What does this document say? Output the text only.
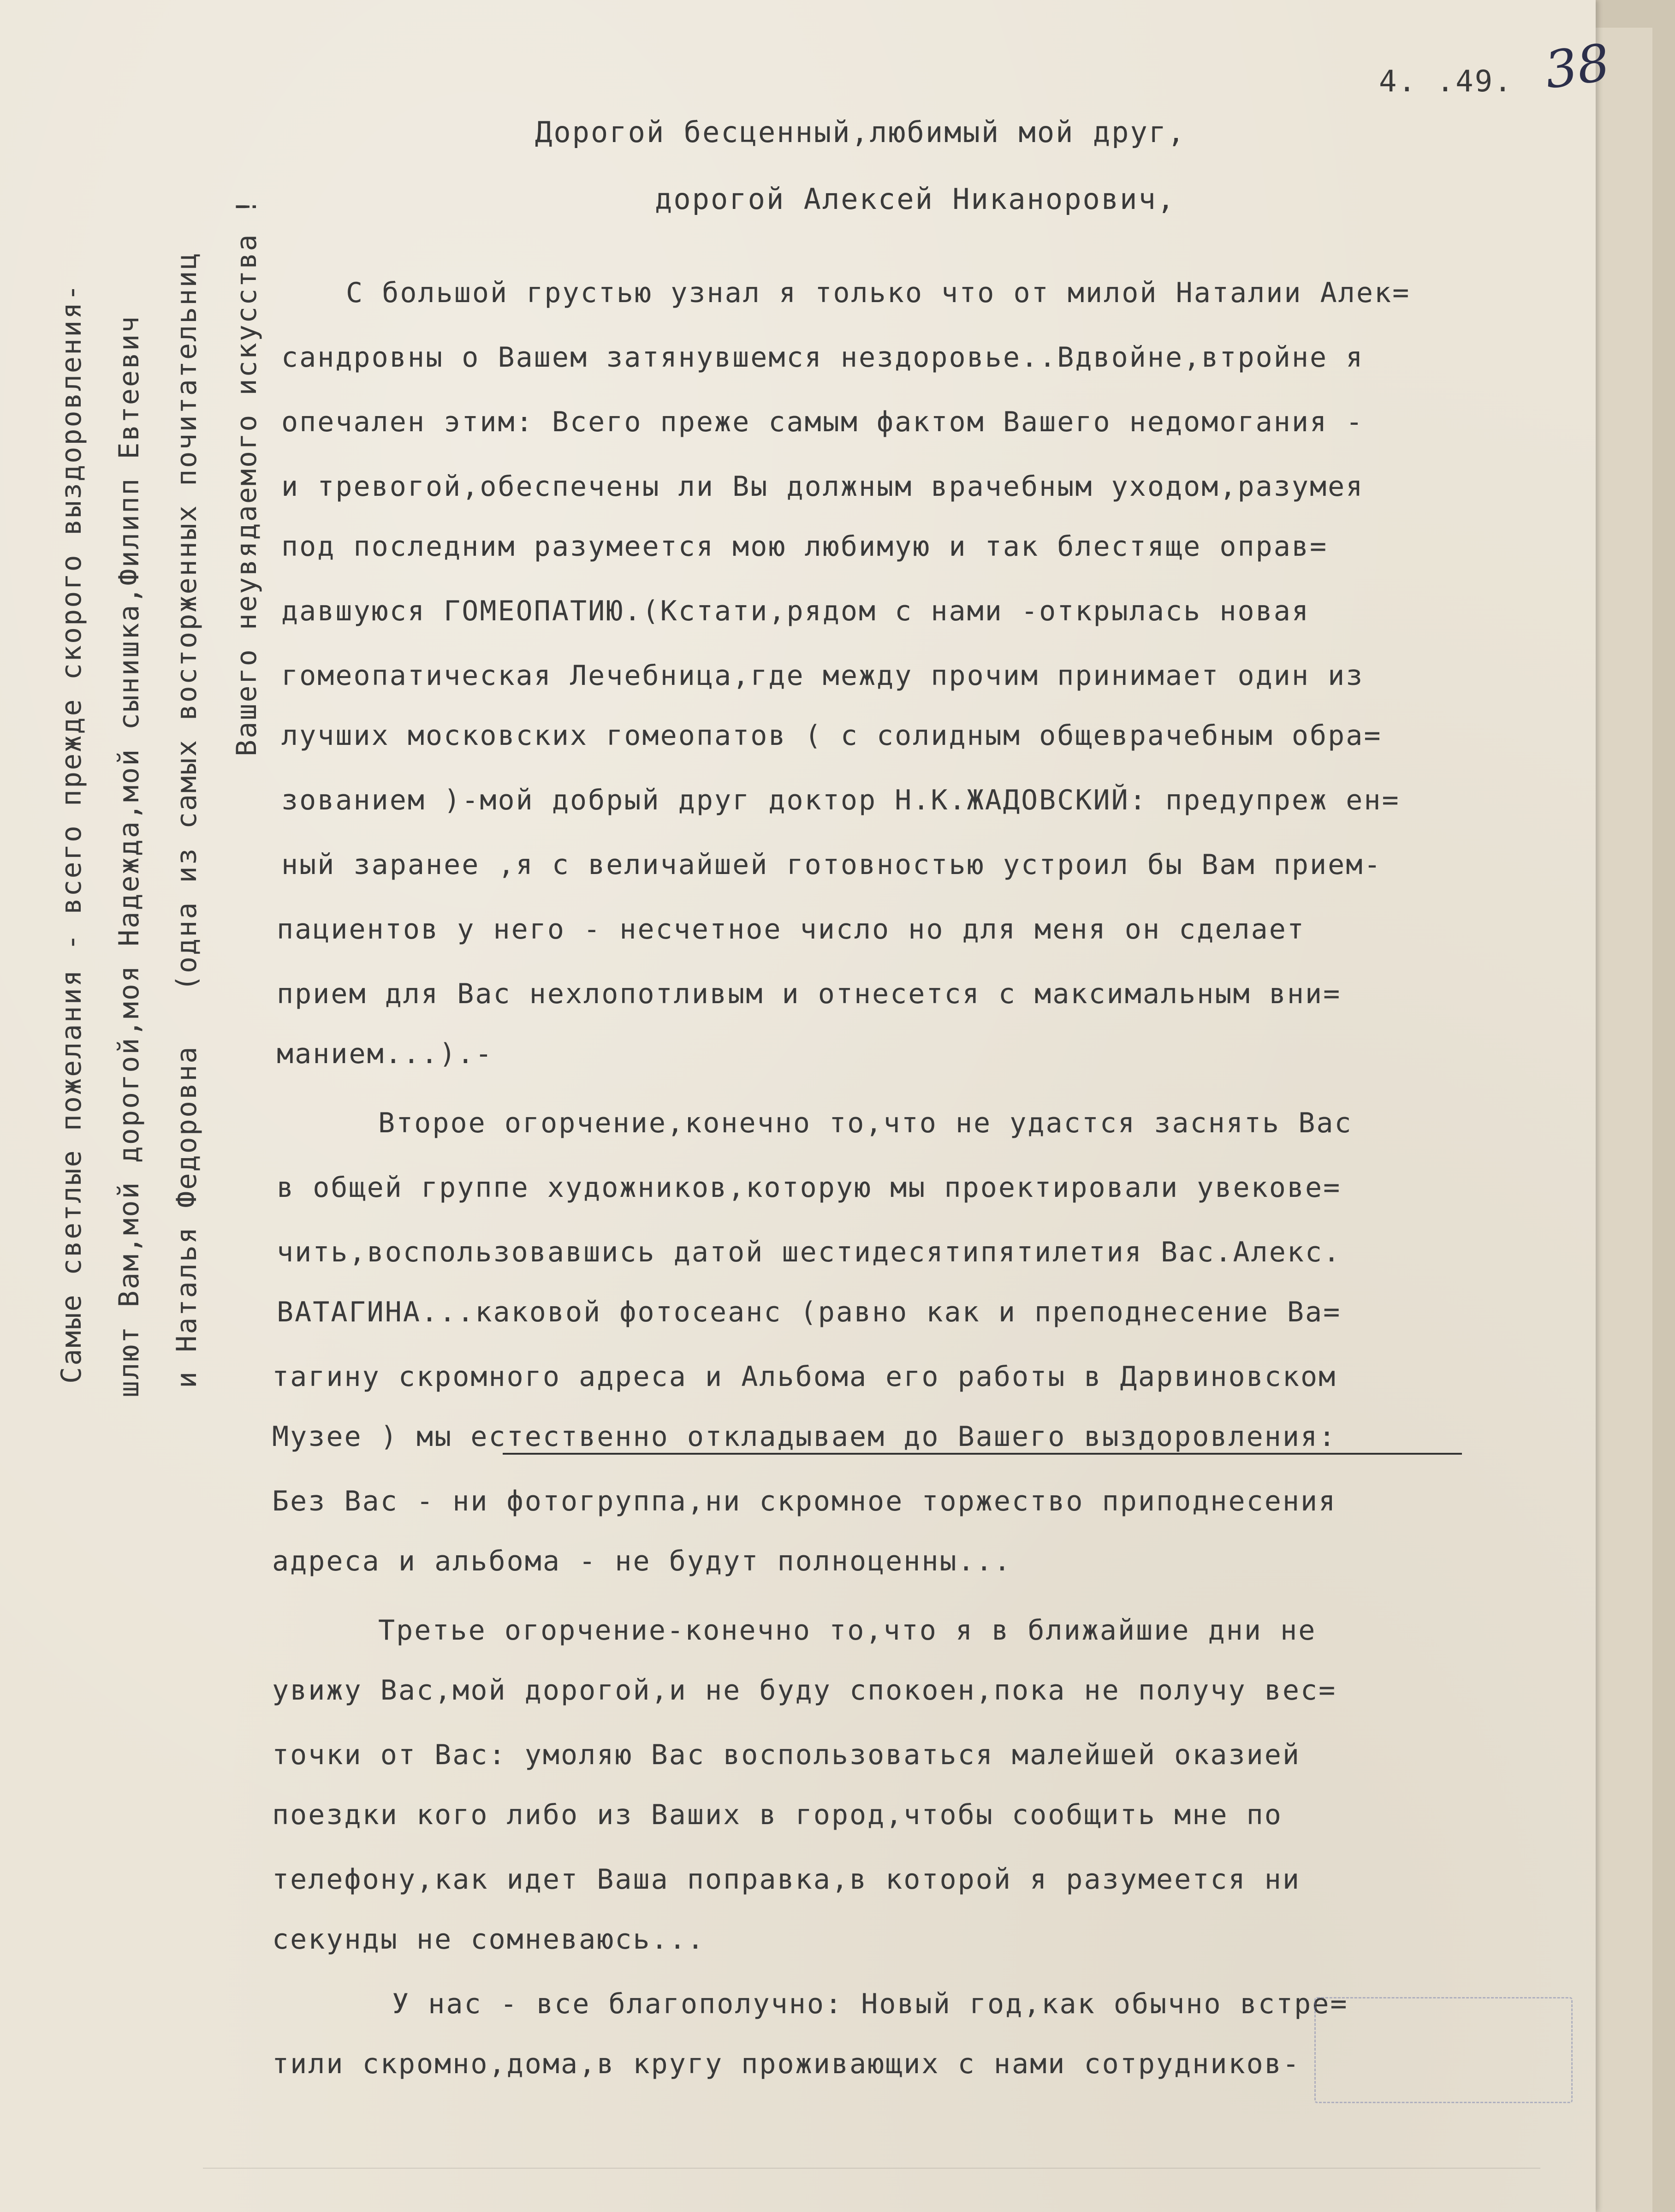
4. .49. 38
Дорогой бесценный,любимый мой друг,
дорогой Алексей Никанорович,
С большой грустью узнал я только что от милой Наталии Алек=
сандровны о Вашем затянувшемся нездоровье..Вдвойне,втройне я
опечален этим: Всего преже самым фактом Вашего недомогания -
и тревогой,обеспечены ли Вы должным врачебным уходом,разумея
под последним разумеется мою любимую и так блестяще оправ=
давшуюся ГОМЕОПАТИЮ.(Кстати,рядом с нами -открылась новая
гомеопатическая Лечебница,где между прочим принимает один из
лучших московских гомеопатов ( с солидным общеврачебным обра=
зованием )-мой добрый друг доктор Н.К.ЖАДОВСКИЙ: предупреж ен=
ный заранее ,я с величайшей готовностью устроил бы Вам прием-
пациентов у него - несчетное число но для меня он сделает
прием для Вас нехлопотливым и отнесется с максимальным вни=
манием...).-
Второе огорчение,конечно то,что не удастся заснять Вас
в общей группе художников,которую мы проектировали увекове=
чить,воспользовавшись датой шестидесятипятилетия Вас.Алекс.
ВАТАГИНА...каковой фотосеанс (равно как и преподнесение Ва=
тагину скромного адреса и Альбома его работы в Дарвиновском
Музее ) мы естественно откладываем до Вашего выздоровления:
Без Вас - ни фотогруппа,ни скромное торжество приподнесения
адреса и альбома - не будут полноценны...
Третье огорчение-конечно то,что я в ближайшие дни не
увижу Вас,мой дорогой,и не буду спокоен,пока не получу вес=
точки от Вас: умоляю Вас воспользоваться малейшей оказией
поездки кого либо из Ваших в город,чтобы сообщить мне по
телефону,как идет Ваша поправка,в которой я разумеется ни
секунды не сомневаюсь...
У нас - все благополучно: Новый год,как обычно встре=
тили скромно,дома,в кругу проживающих с нами сотрудников-
Самые светлые пожелания - всего прежде скорого выздоровления- шлют Вам,мой дорогой,моя Надежда,мой сынишка,Филипп Евтеевич и Наталья Федоровна   (одна из самых восторженных почитательниц Вашего неувядаемого искусства !
